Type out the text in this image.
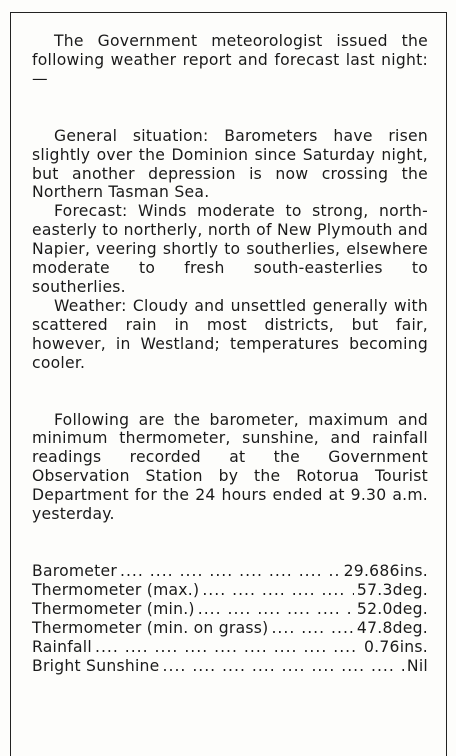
The Government meteorologist issued the following weather report and forecast last night:—

General situation: Barometers have risen slightly over the Dominion since Saturday night, but another depression is now crossing the Northern Tasman Sea.

Forecast: Winds moderate to strong, north-easterly to northerly, north of New Plymouth and Napier, veering shortly to southerlies, elsewhere moderate to fresh south-easterlies to southerlies.

Weather: Cloudy and unsettled generally with scattered rain in most districts, but fair, however, in Westland; temperatures becoming cooler.

Following are the barometer, maximum and minimum thermometer, sunshine, and rainfall readings recorded at the Government Observation Station by the Rotorua Tourist Department for the 24 hours ended at 9.30 a.m. yesterday.

Barometer ....	29.686ins.
Thermometer (max.) ....	57.3deg.
Thermometer (min.) ....	52.0deg.
Thermometer (min. on grass) ....	47.8deg.
Rainfall ....	0.76ins.
Bright Sunshine ....	Nil
